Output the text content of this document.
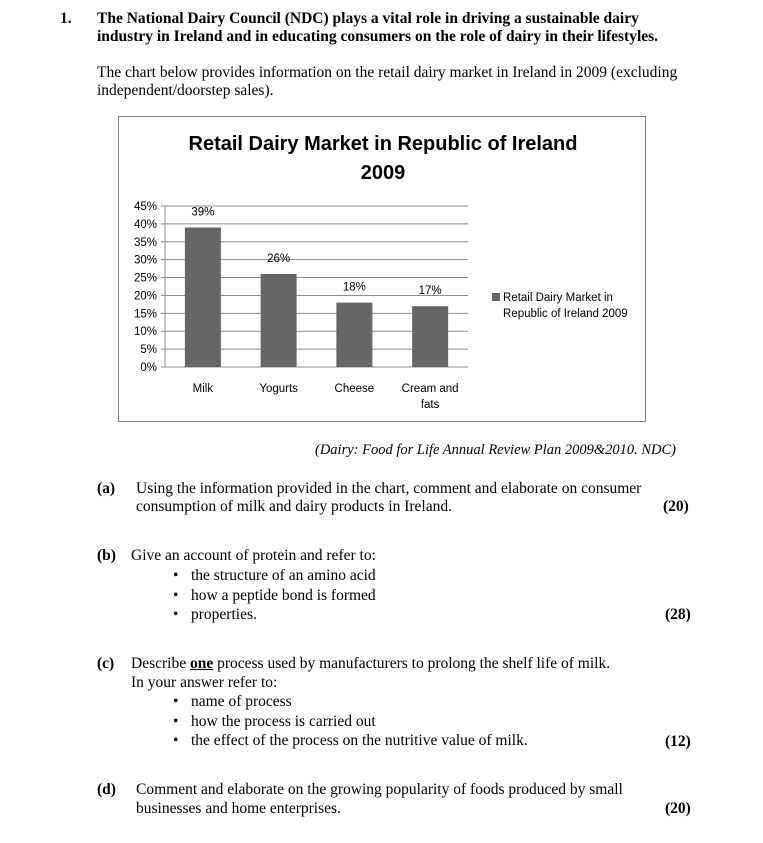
1. The National Dairy Council (NDC) plays a vital role in driving a sustainable dairy
industry in Ireland and in educating consumers on the role of dairy in their lifestyles.
The chart below provides information on the retail dairy market in Ireland in 2009 (excluding
independent/doorstep sales).
Retail Dairy Market in Republic of Ireland
2009
45%
40%
35%
30%
25%
20%
15%
10%
5%
0%
39%
Milk
26%
Yogurts
18%
Cheese
17%
Cream and
fats
Retail Dairy Market in
Republic of Ireland 2009
(Dairy: Food for Life Annual Review Plan 2009&2010. NDC)
(a) Using the information provided in the chart, comment and elaborate on consumer
consumption of milk and dairy products in Ireland.	(20)
(b) Give an account of protein and refer to:
• the structure of an amino acid
• how a peptide bond is formed
• properties.	(28)
(c) Describe one process used by manufacturers to prolong the shelf life of milk.
In your answer refer to:
• name of process
• how the process is carried out
• the effect of the process on the nutritive value of milk.	(12)
(d) Comment and elaborate on the growing popularity of foods produced by small
businesses and home enterprises.	(20)
